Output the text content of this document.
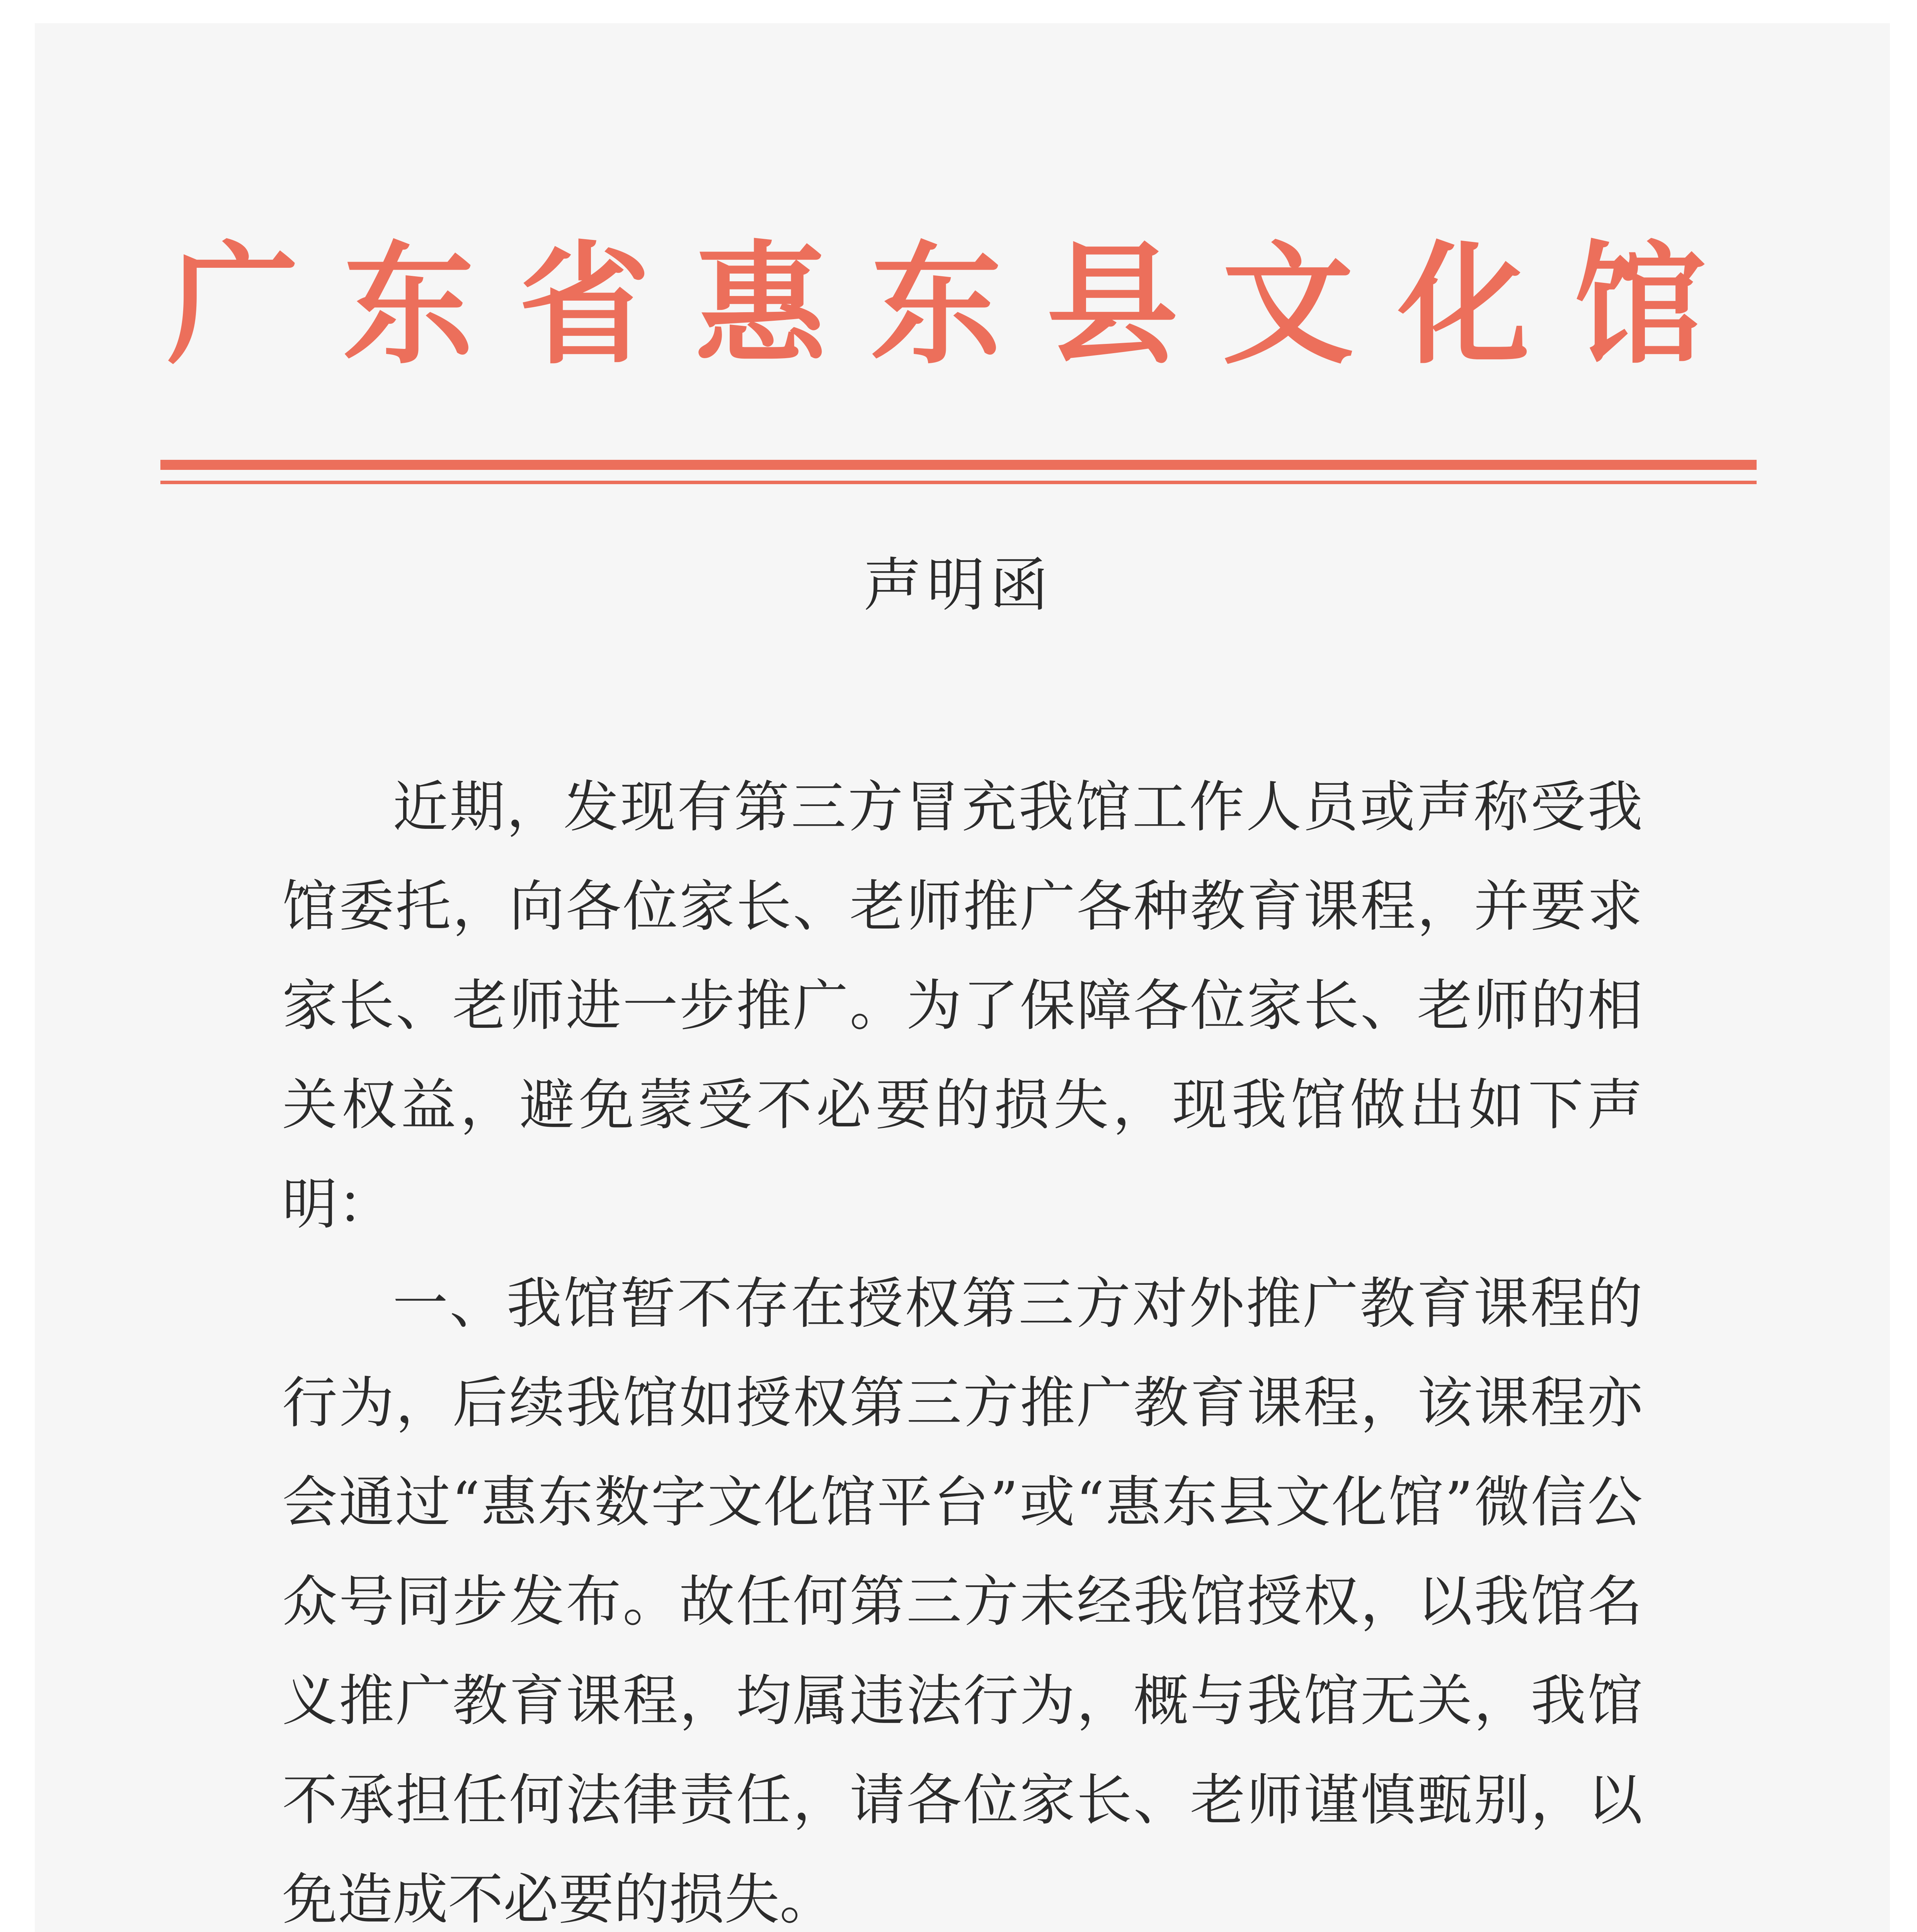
广东省惠东县文化馆
声明函

近期，发现有第三方冒充我馆工作人员或声称受我馆委托，向各位家长、老师推广各种教育课程，并要求家长、老师进一步推广。为了保障各位家长、老师的相关权益，避免蒙受不必要的损失，现我馆做出如下声明：

一、我馆暂不存在授权第三方对外推广教育课程的行为，后续我馆如授权第三方推广教育课程，该课程亦会通过“惠东数字文化馆平台”或“惠东县文化馆”微信公众号同步发布。故任何第三方未经我馆授权，以我馆名义推广教育课程，均属违法行为，概与我馆无关，我馆不承担任何法律责任，请各位家长、老师谨慎甄别，以免造成不必要的损失。
